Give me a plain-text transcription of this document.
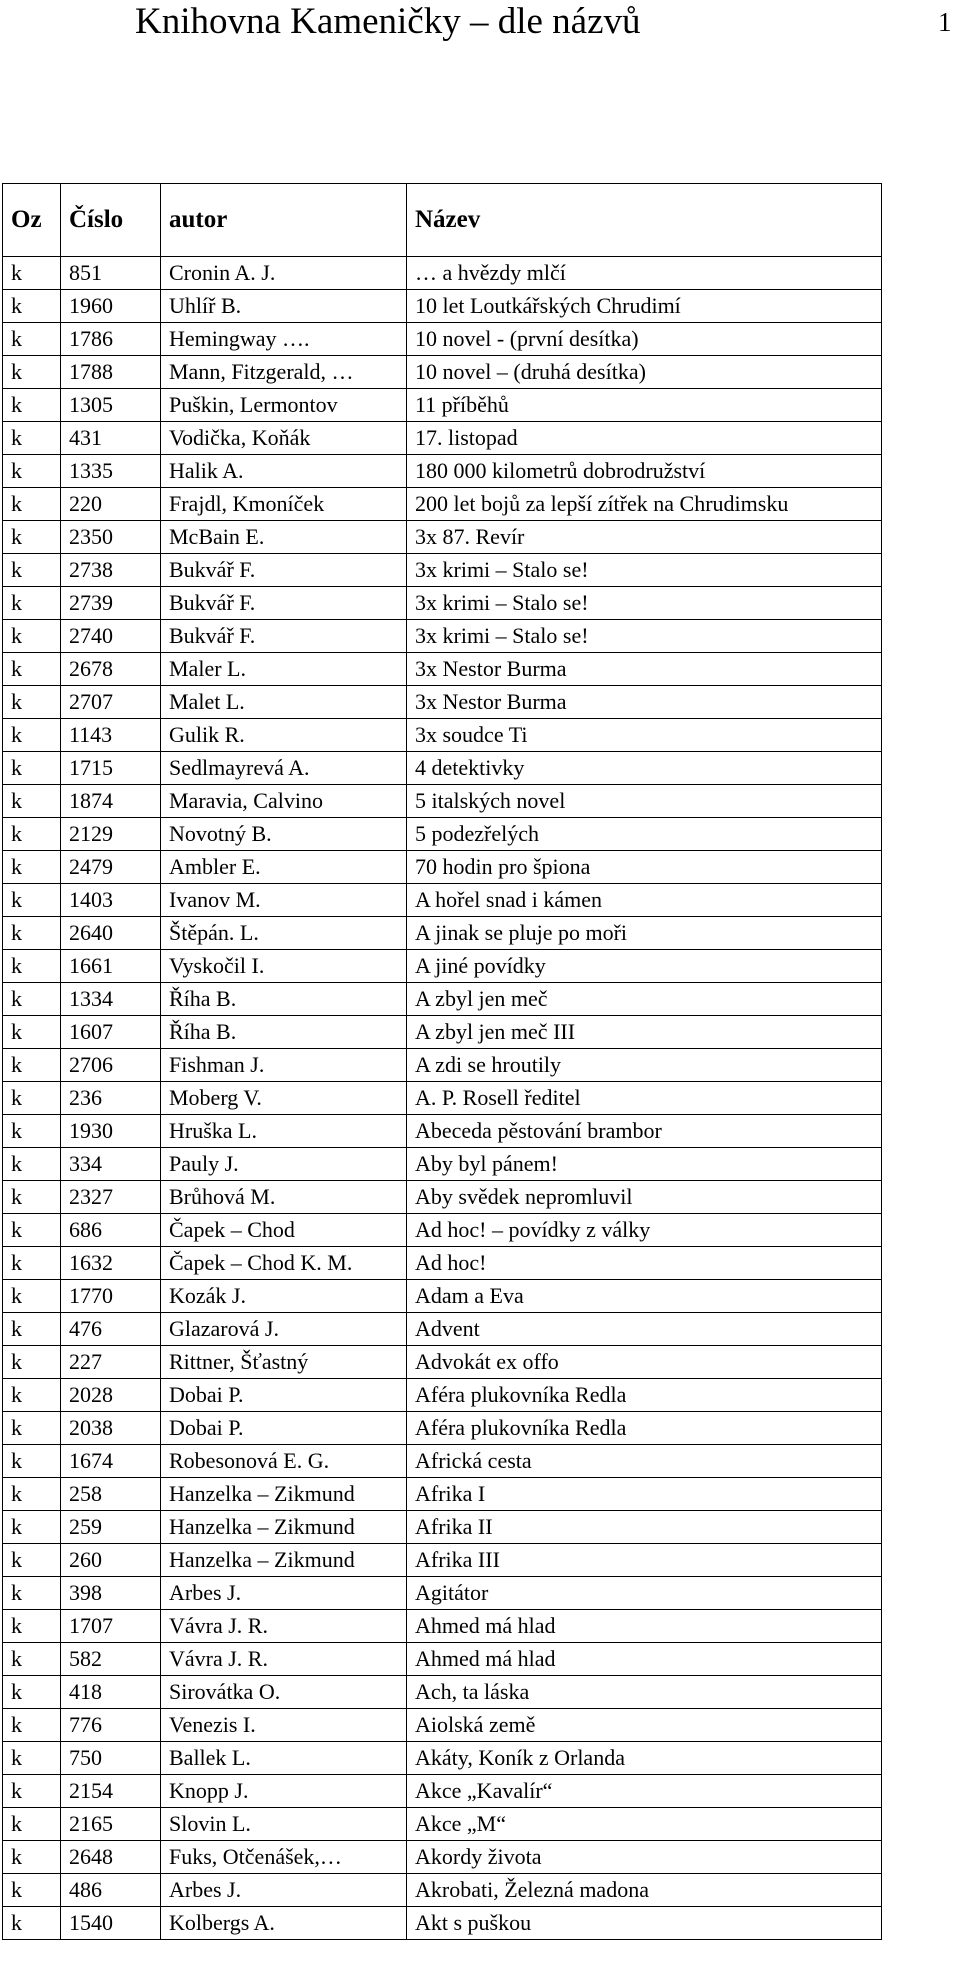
Knihovna Kameničky – dle názvů	1
Oz	Číslo	autor	Název
k	851	Cronin A. J.	… a hvězdy mlčí
k	1960	Uhlíř B.	10 let Loutkářských Chrudimí
k	1786	Hemingway ….	10 novel - (první desítka)
k	1788	Mann, Fitzgerald, …	10 novel – (druhá desítka)
k	1305	Puškin, Lermontov	11 příběhů
k	431	Vodička, Koňák	17. listopad
k	1335	Halik A.	180 000 kilometrů dobrodružství
k	220	Frajdl, Kmoníček	200 let bojů za lepší zítřek na Chrudimsku
k	2350	McBain E.	3x 87. Revír
k	2738	Bukvář F.	3x krimi – Stalo se!
k	2739	Bukvář F.	3x krimi – Stalo se!
k	2740	Bukvář F.	3x krimi – Stalo se!
k	2678	Maler L.	3x Nestor Burma
k	2707	Malet L.	3x Nestor Burma
k	1143	Gulik R.	3x soudce Ti
k	1715	Sedlmayrevá A.	4 detektivky
k	1874	Maravia, Calvino	5 italských novel
k	2129	Novotný B.	5 podezřelých
k	2479	Ambler E.	70 hodin pro špiona
k	1403	Ivanov M.	A hořel snad i kámen
k	2640	Štěpán. L.	A jinak se pluje po moři
k	1661	Vyskočil I.	A jiné povídky
k	1334	Říha B.	A zbyl jen meč
k	1607	Říha B.	A zbyl jen meč III
k	2706	Fishman J.	A zdi se hroutily
k	236	Moberg V.	A. P. Rosell ředitel
k	1930	Hruška L.	Abeceda pěstování brambor
k	334	Pauly J.	Aby byl pánem!
k	2327	Brůhová M.	Aby svědek nepromluvil
k	686	Čapek – Chod	Ad hoc! – povídky z války
k	1632	Čapek – Chod K. M.	Ad hoc!
k	1770	Kozák J.	Adam a Eva
k	476	Glazarová J.	Advent
k	227	Rittner, Šťastný	Advokát ex offo
k	2028	Dobai P.	Aféra plukovníka Redla
k	2038	Dobai P.	Aféra plukovníka Redla
k	1674	Robesonová E. G.	Africká cesta
k	258	Hanzelka – Zikmund	Afrika I
k	259	Hanzelka – Zikmund	Afrika II
k	260	Hanzelka – Zikmund	Afrika III
k	398	Arbes J.	Agitátor
k	1707	Vávra J. R.	Ahmed má hlad
k	582	Vávra J. R.	Ahmed má hlad
k	418	Sirovátka O.	Ach, ta láska
k	776	Venezis I.	Aiolská země
k	750	Ballek L.	Akáty, Koník z Orlanda
k	2154	Knopp J.	Akce „Kavalír“
k	2165	Slovin L.	Akce „M“
k	2648	Fuks, Otčenášek,…	Akordy života
k	486	Arbes J.	Akrobati, Železná madona
k	1540	Kolbergs A.	Akt s puškou
